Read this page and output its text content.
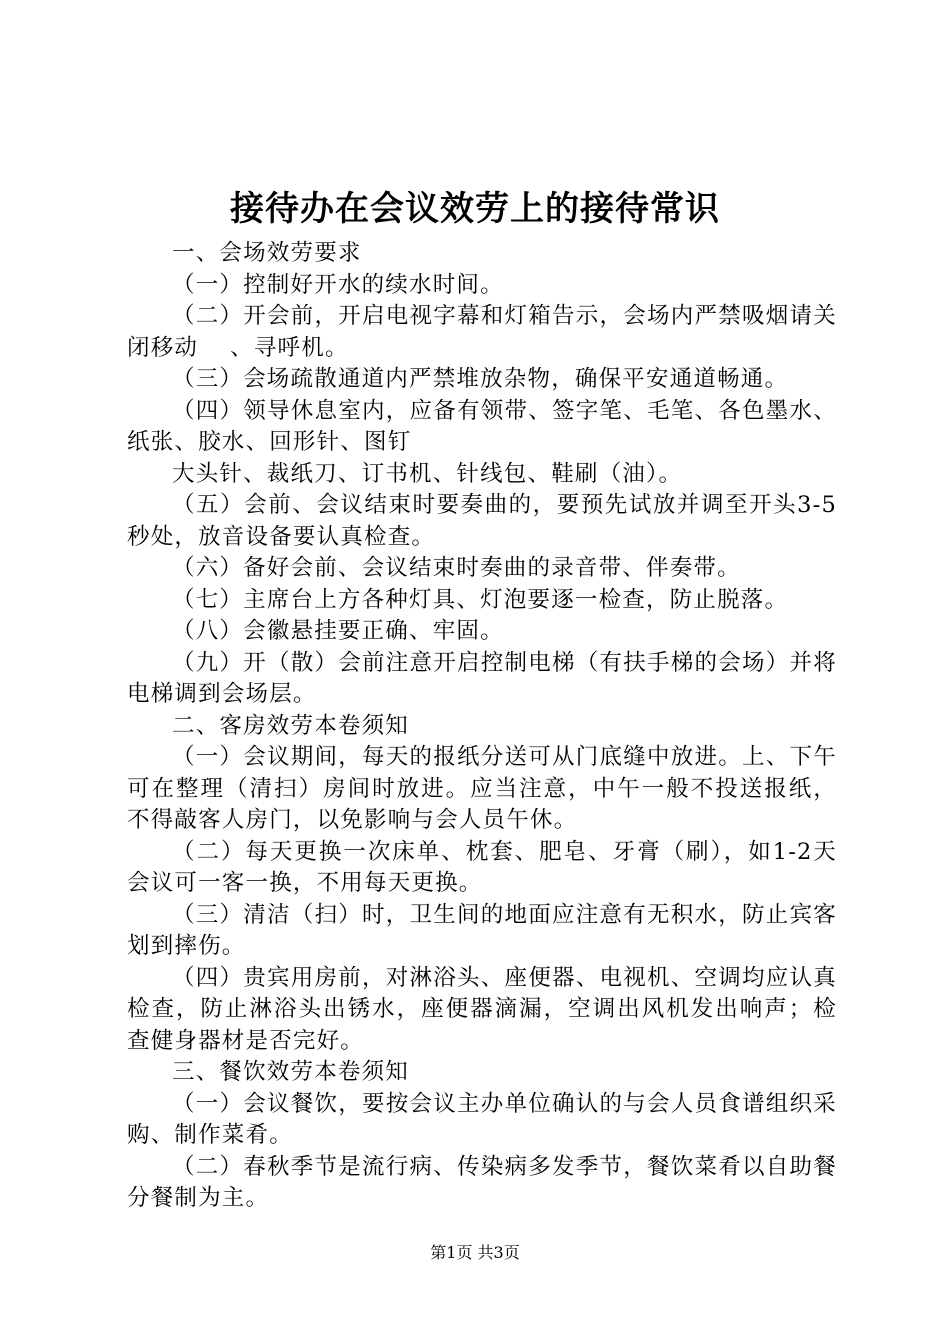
接待办在会议效劳上的接待常识

一、会场效劳要求

（一）控制好开水的续水时间。

（二）开会前，开启电视字幕和灯箱告示，会场内严禁吸烟请关闭移动　 、寻呼机。

（三）会场疏散通道内严禁堆放杂物，确保平安通道畅通。

（四）领导休息室内，应备有领带、签字笔、毛笔、各色墨水、纸张、胶水、回形针、图钉

大头针、裁纸刀、订书机、针线包、鞋刷（油）。

（五）会前、会议结束时要奏曲的，要预先试放并调至开头3-5秒处，放音设备要认真检查。

（六）备好会前、会议结束时奏曲的录音带、伴奏带。

（七）主席台上方各种灯具、灯泡要逐一检查，防止脱落。

（八）会徽悬挂要正确、牢固。

（九）开（散）会前注意开启控制电梯（有扶手梯的会场）并将电梯调到会场层。

二、客房效劳本卷须知

（一）会议期间，每天的报纸分送可从门底缝中放进。上、下午可在整理（清扫）房间时放进。应当注意，中午一般不投送报纸，不得敲客人房门，以免影响与会人员午休。

（二）每天更换一次床单、枕套、肥皂、牙膏（刷），如1-2天会议可一客一换，不用每天更换。

（三）清洁（扫）时，卫生间的地面应注意有无积水，防止宾客划到摔伤。

（四）贵宾用房前，对淋浴头、座便器、电视机、空调均应认真检查，防止淋浴头出锈水，座便器滴漏，空调出风机发出响声；检查健身器材是否完好。

三、餐饮效劳本卷须知

（一）会议餐饮，要按会议主办单位确认的与会人员食谱组织采购、制作菜肴。

（二）春秋季节是流行病、传染病多发季节，餐饮菜肴以自助餐分餐制为主。

第1页 共3页
